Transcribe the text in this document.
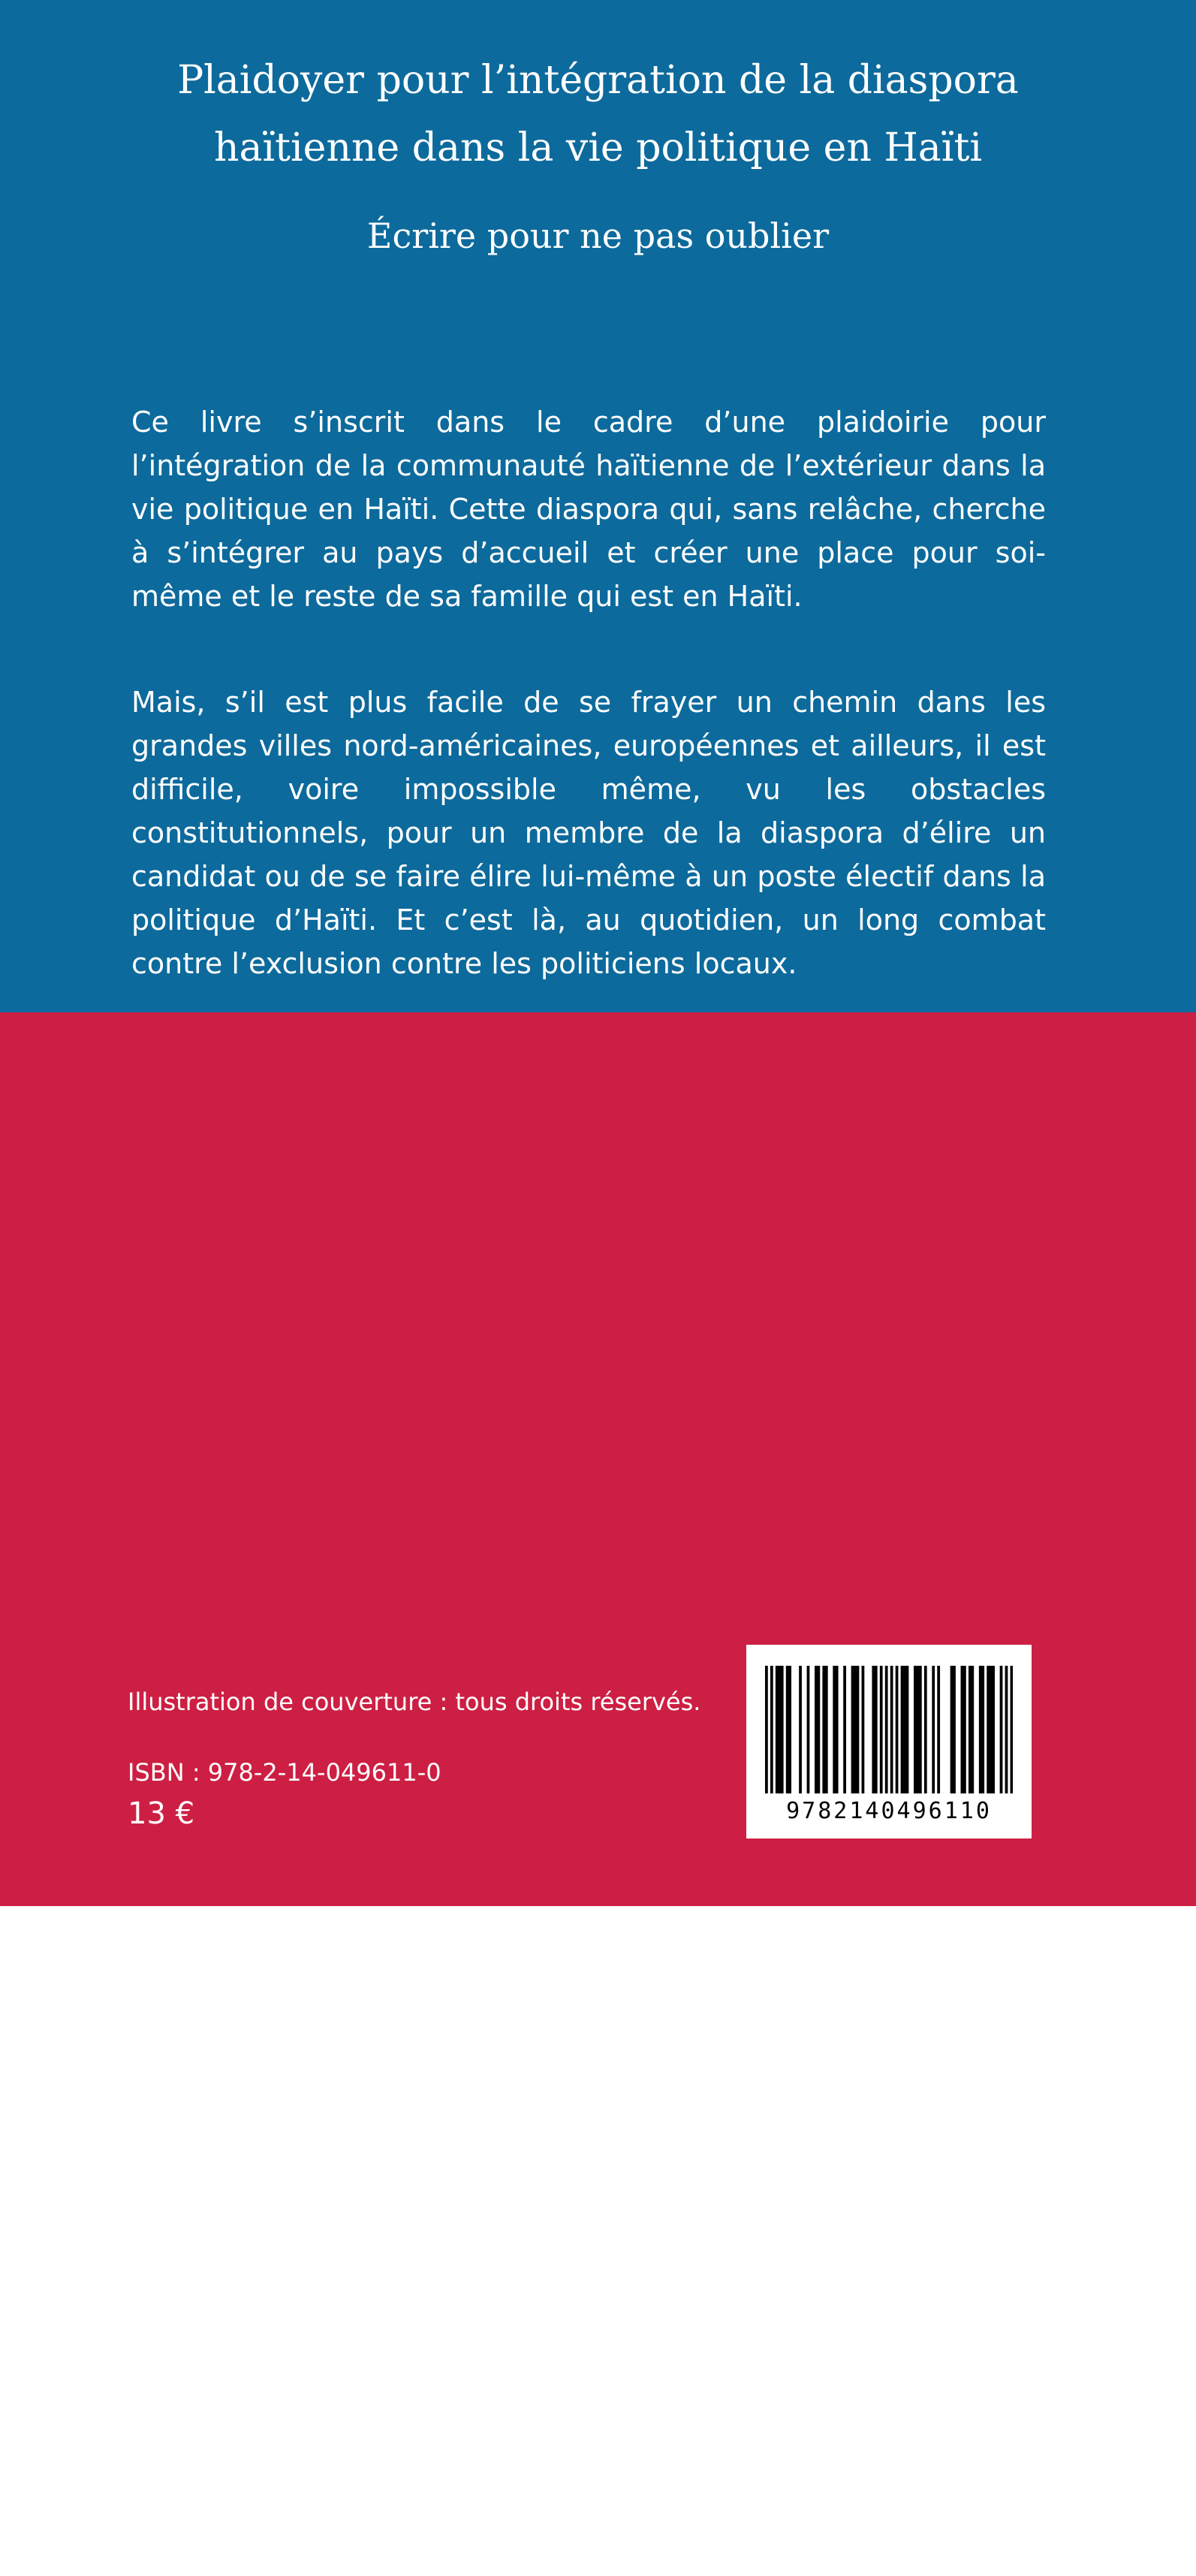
Plaidoyer pour l’intégration de la diaspora
haïtienne dans la vie politique en Haïti

Écrire pour ne pas oublier

Ce livre s’inscrit dans le cadre d’une plaidoirie pour l’intégration de la communauté haïtienne de l’extérieur dans la vie politique en Haïti. Cette diaspora qui, sans relâche, cherche à s’intégrer au pays d’accueil et créer une place pour soi-même et le reste de sa famille qui est en Haïti.

Mais, s’il est plus facile de se frayer un chemin dans les grandes villes nord-américaines, européennes et ailleurs, il est difficile, voire impossible même, vu les obstacles constitutionnels, pour un membre de la diaspora d’élire un candidat ou de se faire élire lui-même à un poste électif dans la politique d’Haïti. Et c’est là, au quotidien, un long combat contre l’exclusion contre les politiciens locaux.

Jean-Baptise Esau a enseigné plusieurs années la science politique dans des universités privées et publiques d’Haïti. Il est également l’auteur de The Rise, the fall and the failing of JB Aristide, Comprendre les élections présidentielles aux Etats-Unis ; Haïti 7 février 1986-7 février 2015 : Vingt-neuf ans d’échec démocratique ; Haïti, ce pays de contrastes ; Pour mieux comprendre les élections présidentielles américaines ; Essai sur l’impact du double langage de l’international ; Comprendre les Présidentielles américaines 2020 en pleine crise sanitaire, et Le coup d’État du 30 septembre 1991.

Illustration de couverture : tous droits réservés.

ISBN : 978-2-14-049611-0

13 €	9782140496110
